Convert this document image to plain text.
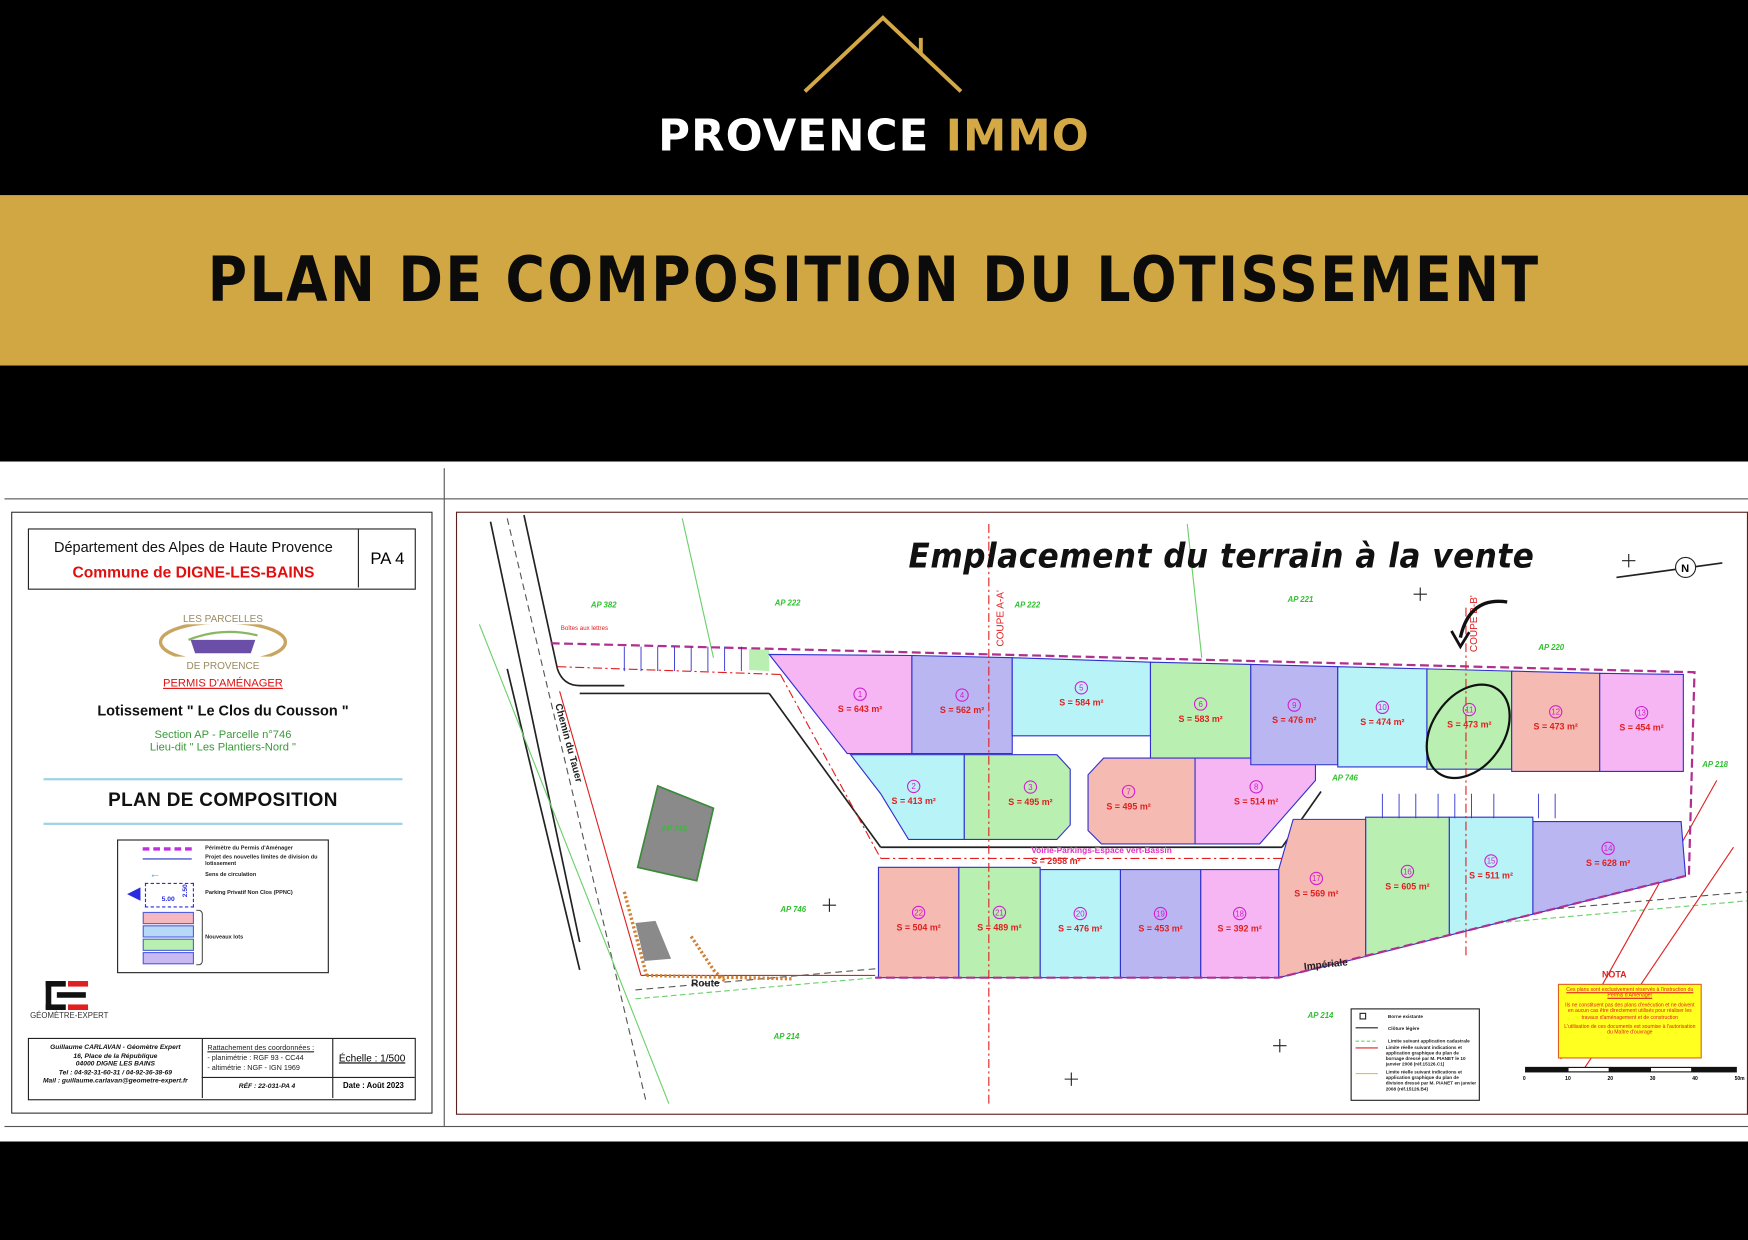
PROVENCE IMMO
PLAN DE COMPOSITION DU LOTISSEMENT
Département des Alpes de Haute Provence
Commune de DIGNE-LES-BAINS
PA 4
LES PARCELLES
DE PROVENCE
PERMIS D'AMÉNAGER
Lotissement " Le Clos du Cousson "
Section AP - Parcelle n°746
Lieu-dit " Les Plantiers-Nord "
PLAN DE COMPOSITION
Périmètre du Permis d'Aménager
Projet des nouvelles limites de division du lotissement
←	Sens de circulation
5.00
2.50	Parking Privatif Non Clos (PPNC)
Nouveaux lots
GÉOMÈTRE-EXPERT
Guillaume CARLAVAN - Géomètre Expert
16, Place de la République
04000 DIGNE LES BAINS
Tel : 04-92-31-60-31 / 04-92-36-38-69
Mail : guillaume.carlavan@geometre-expert.fr
Rattachement des coordonnées :
- planimétrie : RGF 93 - CC44
- altimétrie : NGF - IGN 1969
Échelle : 1/500
RÉF : 22-031-PA 4	Date : Août 2023
1
S = 643 m²
2
S = 413 m²
3
S = 495 m²
4
S = 562 m²
5
S = 584 m²	6
S = 583 m²
7
S = 495 m²
8
S = 514 m²
9
S = 476 m²
10
S = 474 m²
11
S = 473 m²
12
S = 473 m²
13
S = 454 m²
14
S = 628 m²
15
S = 511 m²
16
S = 605 m²
17
S = 569 m²
18
S = 392 m²
19
S = 453 m²
20
S = 476 m²
21
S = 489 m²
22
S = 504 m²
COUPE A-A'	COUPE B-B'
AP 382	AP 222	AP 222
AP 221
AP 220
AP 218
AP 746
AP 746
AP 745
AP 214
AP 214
Chemin du Tauer
Route
Impériale
Boîtes aux lettres
Voirie-Parkings-Espace vert-Bassin
S = 2958 m²
N
Borne existante
Clôture légère
Limite suivant application cadastrale
Limite réelle suivant indications et application graphique du plan de bornage dressé par M. PIANET le 10 janvier 2008 (réf.15126.C1)
Limite réelle suivant indications et application graphique du plan de division dressé par M. PIANET en janvier 2008 (réf.15126.B4)
NOTA
Ces plans sont exclusivement réservés à l'instruction du Permis d'Aménager
Ils ne constituent pas des plans d'exécution et ne doivent en aucun cas être directement utilisés pour réaliser les travaux d'aménagement et de construction
L'utilisation de ces documents est soumise à l'autorisation du Maître d'ouvrage
0	10	20	30	40	50m
Emplacement du terrain à la vente
